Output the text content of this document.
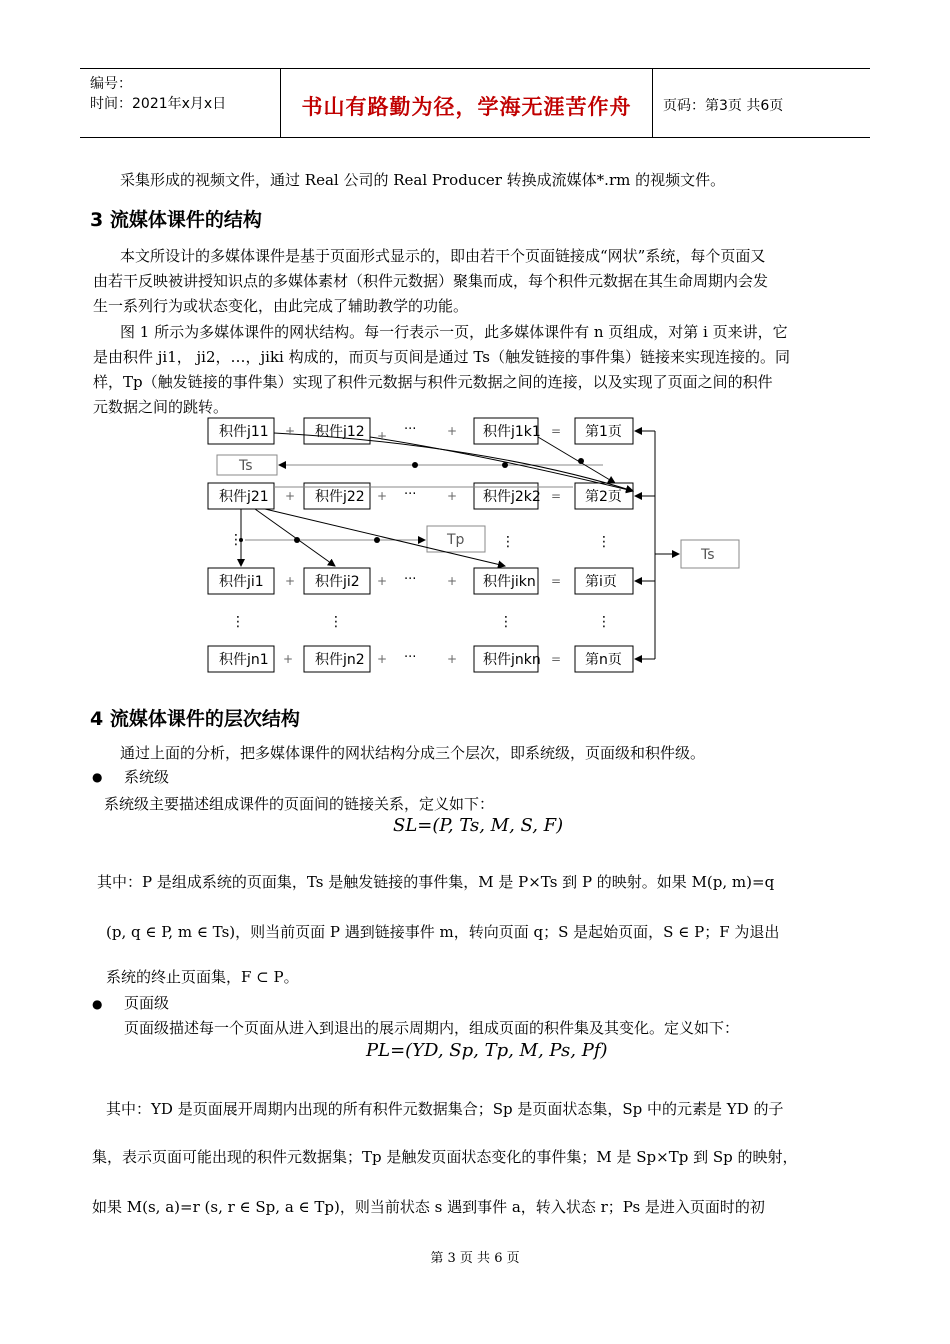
编号：
时间：2021年x月x日	书山有路勤为径，学海无涯苦作舟	页码：第3页 共6页
采集形成的视频文件，通过 Real 公司的 Real Producer 转换成流媒体*.rm 的视频文件。
3 流媒体课件的结构
本文所设计的多媒体课件是基于页面形式显示的，即由若干个页面链接成“网状”系统，每个页面又
由若干反映被讲授知识点的多媒体素材（积件元数据）聚集而成，每个积件元数据在其生命周期内会发
生一系列行为或状态变化，由此完成了辅助教学的功能。
图 1 所示为多媒体课件的网状结构。每一行表示一页，此多媒体课件有 n 页组成，对第 i 页来讲，它
是由积件 ji1， ji2，…，jiki 构成的，而页与页间是通过 Ts（触发链接的事件集）链接来实现连接的。同
样，Tp（触发链接的事件集）实现了积件元数据与积件元数据之间的连接，以及实现了页面之间的积件
元数据之间的跳转。
积件j11	积件j12	积件j1k1	第1页
积件j21	积件j22	积件j2k2	第2页
积件ji1	积件ji2	积件jikn	第i页
积件jn1	积件jn2	积件jnkn	第n页
Ts
Tp
Ts
+	+	+	=
+	+	+	=
+	+	+	=
+	+	+	=
···
···
···
···
⋮	⋮	⋮
⋮	⋮	⋮	⋮
4 流媒体课件的层次结构
通过上面的分析，把多媒体课件的网状结构分成三个层次，即系统级，页面级和积件级。
● 系统级
系统级主要描述组成课件的页面间的链接关系，定义如下：
SL=(P, Ts, M, S, F)
其中：P 是组成系统的页面集，Ts 是触发链接的事件集，M 是 P×Ts 到 P 的映射。如果 M(p, m)=q
(p, q ∈ P, m ∈ Ts)，则当前页面 P 遇到链接事件 m，转向页面 q；S 是起始页面，S ∈ P；F 为退出
系统的终止页面集，F ⊂ P。
● 页面级
页面级描述每一个页面从进入到退出的展示周期内，组成页面的积件集及其变化。定义如下：
PL=(YD, Sp, Tp, M, Ps, Pf)
其中：YD 是页面展开周期内出现的所有积件元数据集合；Sp 是页面状态集，Sp 中的元素是 YD 的子
集，表示页面可能出现的积件元数据集；Tp 是触发页面状态变化的事件集；M 是 Sp×Tp 到 Sp 的映射，
如果 M(s, a)=r (s, r ∈ Sp, a ∈ Tp)，则当前状态 s 遇到事件 a，转入状态 r；Ps 是进入页面时的初
第 3 页 共 6 页
